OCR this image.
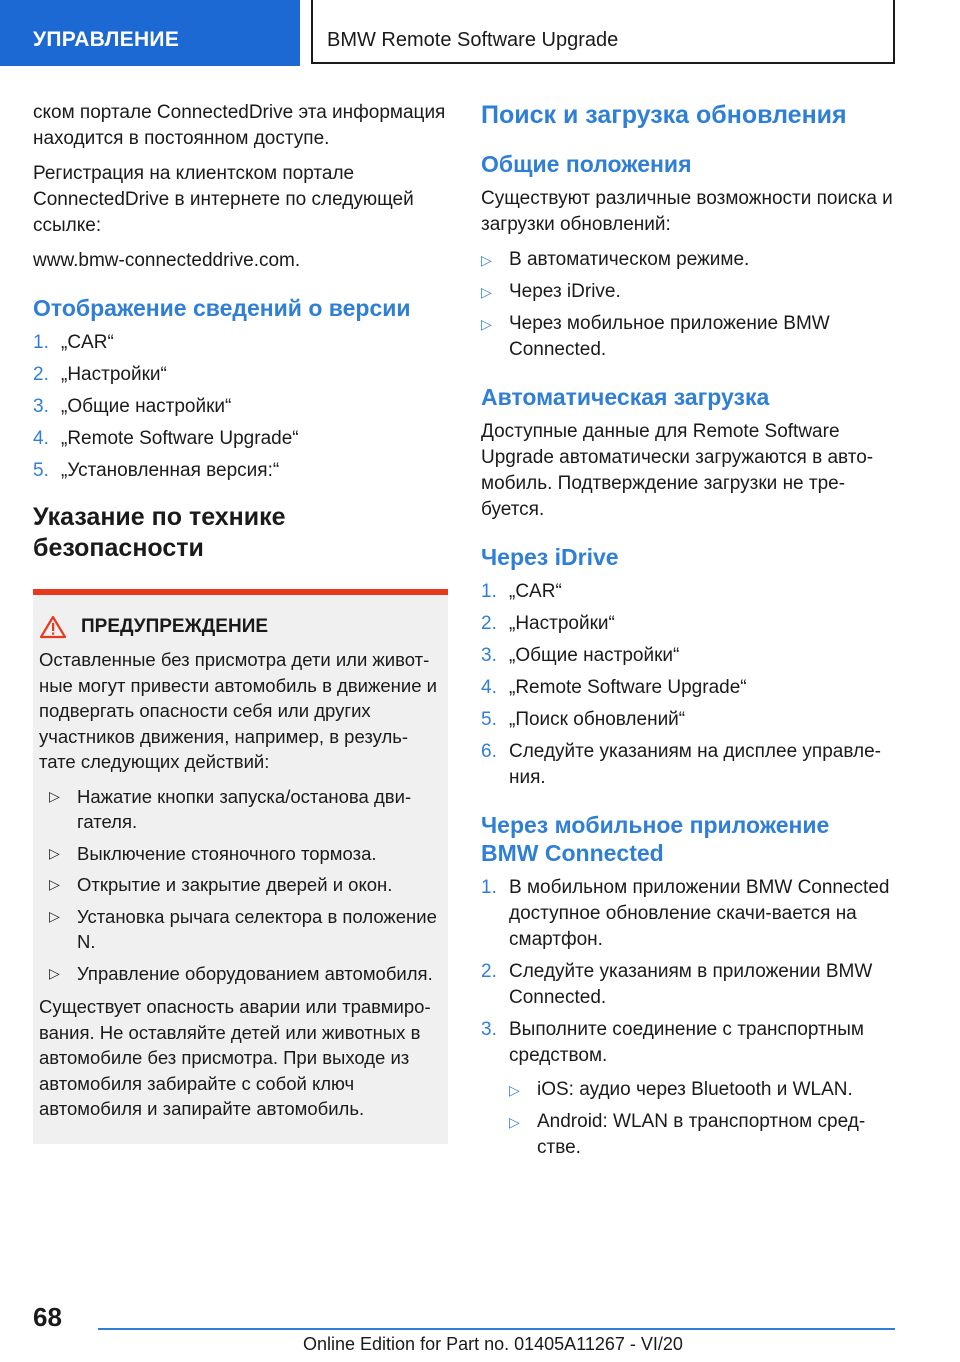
УПРАВЛЕНИЕ	BMW Remote Software Upgrade

ском портале ConnectedDrive эта информация находится в постоянном доступе.

Регистрация на клиентском портале ConnectedDrive в интернете по следующей ссылке:

www.bmw-connecteddrive.com.

Отображение сведений о версии
1. „CAR“
2. „Настройки“
3. „Общие настройки“
4. „Remote Software Upgrade“
5. „Установленная версия:“
Указание по технике безопасности
ПРЕДУПРЕЖДЕНИЕ

Оставленные без присмотра дети или живот-ные могут привести автомобиль в движение и подвергать опасности себя или других участников движения, например, в резуль-тате следующих действий:

▷ Нажатие кнопки запуска/останова дви-гателя.
▷ Выключение стояночного тормоза.
▷ Открытие и закрытие дверей и окон.
▷ Установка рычага селектора в положение N.
▷ Управление оборудованием автомобиля.

Существует опасность аварии или травмиро-вания. Не оставляйте детей или животных в автомобиле без присмотра. При выходе из автомобиля забирайте с собой ключ автомобиля и запирайте автомобиль.

Поиск и загрузка обновления
Общие положения

Существуют различные возможности поиска и загрузки обновлений:

▷ В автоматическом режиме.
▷ Через iDrive.
▷ Через мобильное приложение BMW Connected.
Автоматическая загрузка

Доступные данные для Remote Software Upgrade автоматически загружаются в авто-мобиль. Подтверждение загрузки не тре-буется.

Через iDrive
1. „CAR“
2. „Настройки“
3. „Общие настройки“
4. „Remote Software Upgrade“
5. „Поиск обновлений“
6. Следуйте указаниям на дисплее управле-ния.
Через мобильное приложение BMW Connected
1. В мобильном приложении BMW Connected доступное обновление скачи-вается на смартфон.
2. Следуйте указаниям в приложении BMW Connected.
3. Выполните соединение с транспортным средством.
▷ iOS: аудио через Bluetooth и WLAN.
▷ Android: WLAN в транспортном сред-стве.
68
Online Edition for Part no. 01405A11267 - VI/20
